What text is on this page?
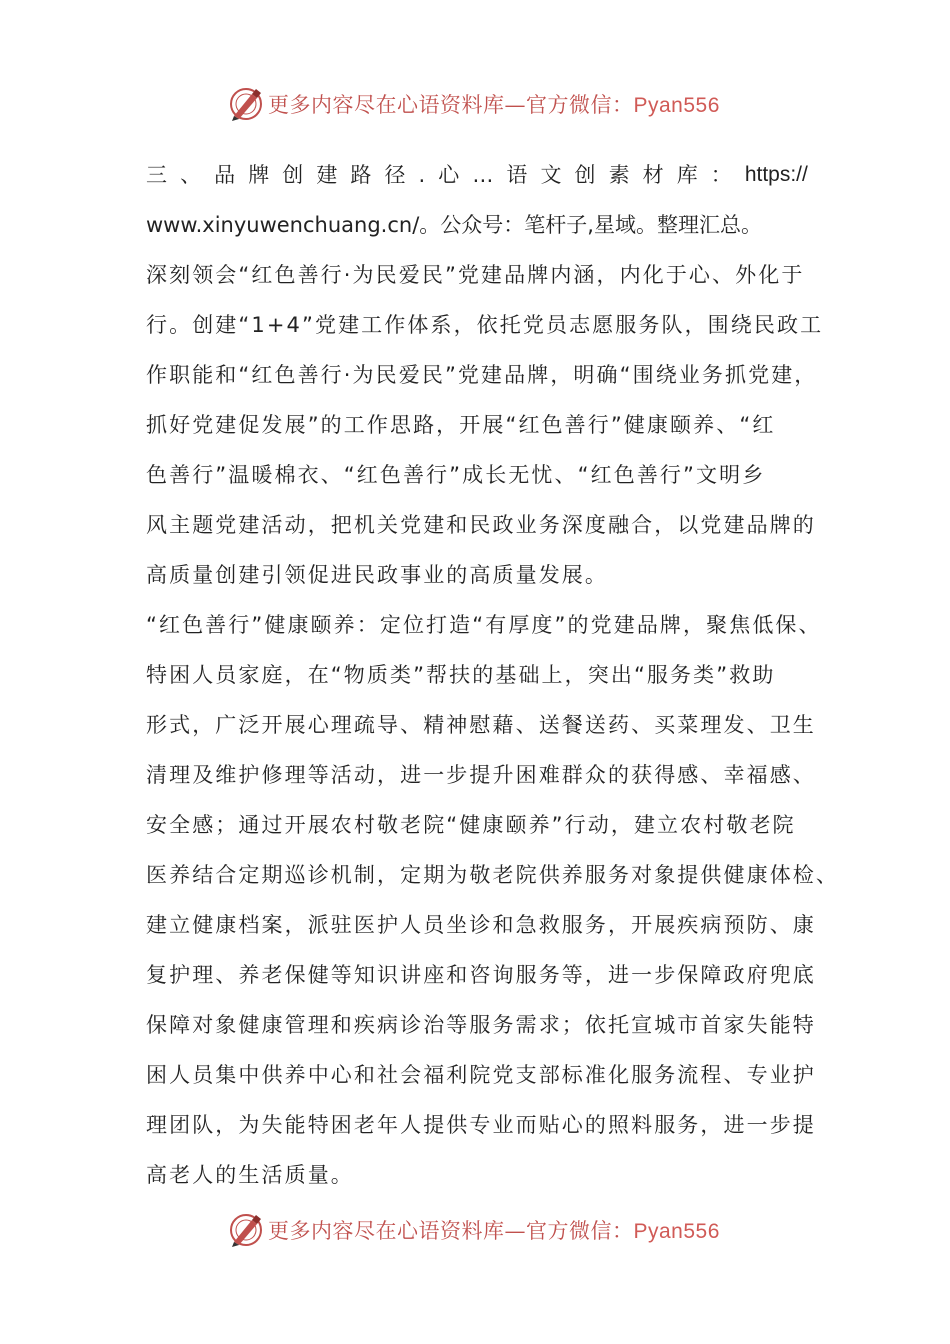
更多内容尽在心语资料库—官方微信：Pyan556
三 、 品 牌 创 建 路 径 . 心 … 语 文 创 素 材 库 ： https://
www.xinyuwenchuang.cn/。公众号：笔杆子,星域。整理汇总。
深刻领会“红色善行·为民爱民”党建品牌内涵，内化于心、外化于
行。创建“1+4”党建工作体系，依托党员志愿服务队，围绕民政工
作职能和“红色善行·为民爱民”党建品牌，明确“围绕业务抓党建，
抓好党建促发展”的工作思路，开展“红色善行”健康颐养、“红
色善行”温暖棉衣、“红色善行”成长无忧、“红色善行”文明乡
风主题党建活动，把机关党建和民政业务深度融合，以党建品牌的
高质量创建引领促进民政事业的高质量发展。
“红色善行”健康颐养：定位打造“有厚度”的党建品牌，聚焦低保、
特困人员家庭，在“物质类”帮扶的基础上，突出“服务类”救助
形式，广泛开展心理疏导、精神慰藉、送餐送药、买菜理发、卫生
清理及维护修理等活动，进一步提升困难群众的获得感、幸福感、
安全感；通过开展农村敬老院“健康颐养”行动，建立农村敬老院
医养结合定期巡诊机制，定期为敬老院供养服务对象提供健康体检、
建立健康档案，派驻医护人员坐诊和急救服务，开展疾病预防、康
复护理、养老保健等知识讲座和咨询服务等，进一步保障政府兜底
保障对象健康管理和疾病诊治等服务需求；依托宣城市首家失能特
困人员集中供养中心和社会福利院党支部标准化服务流程、专业护
理团队，为失能特困老年人提供专业而贴心的照料服务，进一步提
高老人的生活质量。
更多内容尽在心语资料库—官方微信：Pyan556
